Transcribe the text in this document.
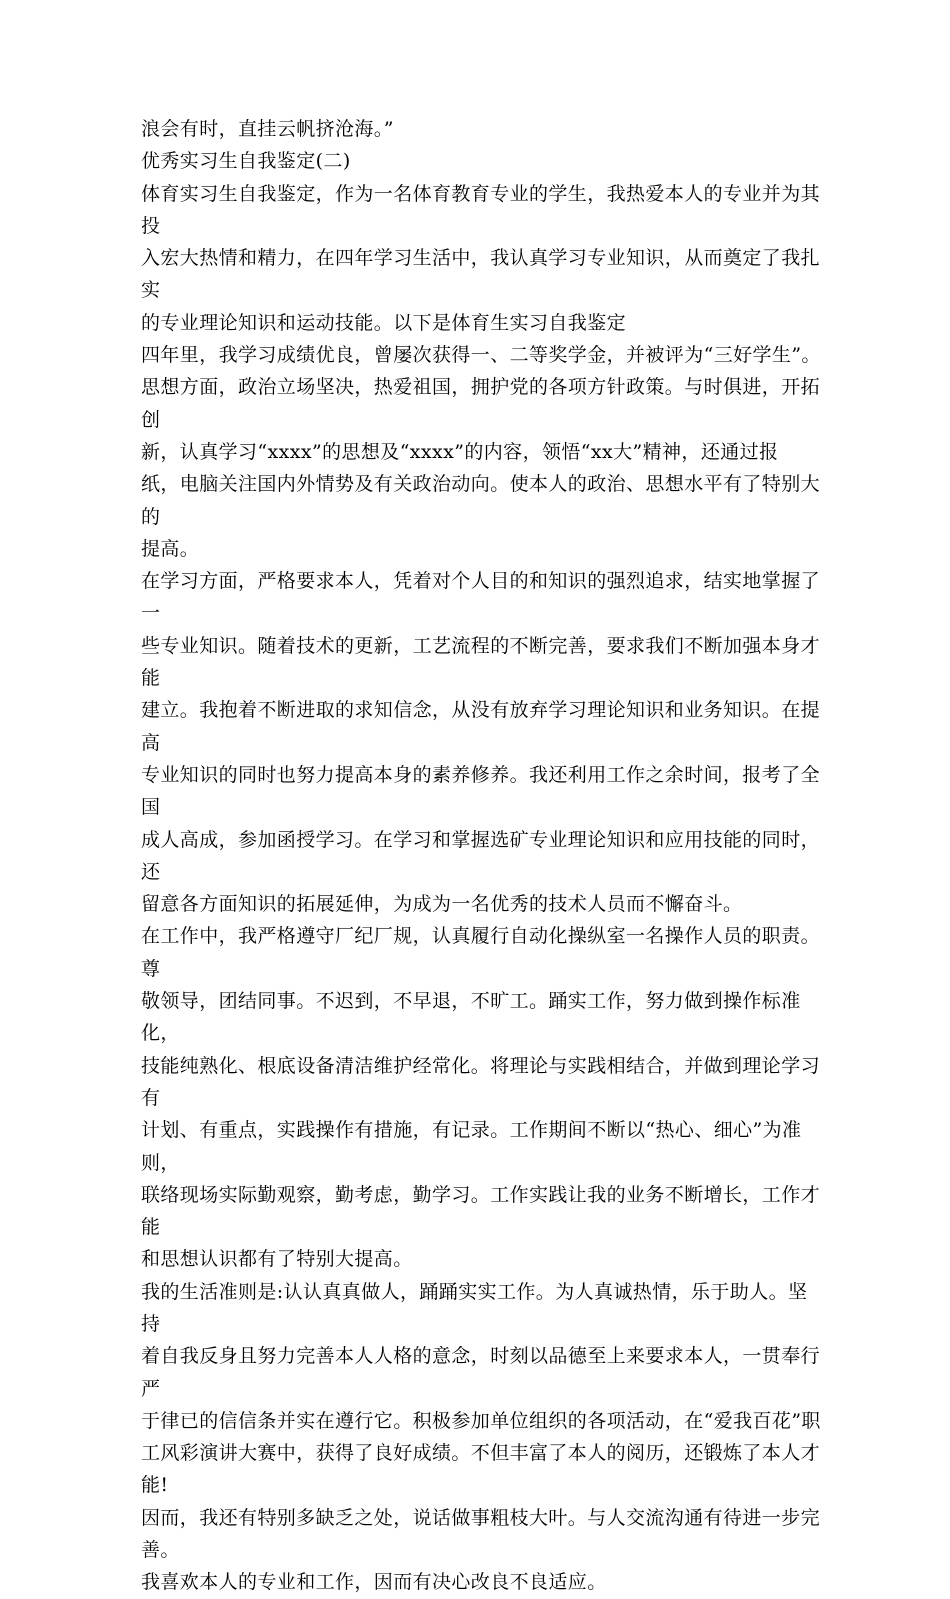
浪会有时，直挂云帆挤沧海。”

优秀实习生自我鉴定(二)

体育实习生自我鉴定，作为一名体育教育专业的学生，我热爱本人的专业并为其投
入宏大热情和精力，在四年学习生活中，我认真学习专业知识，从而奠定了我扎实
的专业理论知识和运动技能。以下是体育生实习自我鉴定

四年里，我学习成绩优良，曾屡次获得一、二等奖学金，并被评为“三好学生”。

思想方面，政治立场坚决，热爱祖国，拥护党的各项方针政策。与时俱进，开拓创
新，认真学习“xxxx”的思想及“xxxx”的内容，领悟“xx大”精神，还通过报
纸，电脑关注国内外情势及有关政治动向。使本人的政治、思想水平有了特别大的
提高。

在学习方面，严格要求本人，凭着对个人目的和知识的强烈追求，结实地掌握了一
些专业知识。随着技术的更新，工艺流程的不断完善，要求我们不断加强本身才能
建立。我抱着不断进取的求知信念，从没有放弃学习理论知识和业务知识。在提高
专业知识的同时也努力提高本身的素养修养。我还利用工作之余时间，报考了全国
成人高成，参加函授学习。在学习和掌握选矿专业理论知识和应用技能的同时，还
留意各方面知识的拓展延伸，为成为一名优秀的技术人员而不懈奋斗。

在工作中，我严格遵守厂纪厂规，认真履行自动化操纵室一名操作人员的职责。尊
敬领导，团结同事。不迟到，不早退，不旷工。踊实工作，努力做到操作标准化，
技能纯熟化、根底设备清洁维护经常化。将理论与实践相结合，并做到理论学习有
计划、有重点，实践操作有措施，有记录。工作期间不断以“热心、细心”为准则，
联络现场实际勤观察，勤考虑，勤学习。工作实践让我的业务不断增长，工作才能
和思想认识都有了特别大提高。

我的生活准则是:认认真真做人，踊踊实实工作。为人真诚热情，乐于助人。坚持
着自我反身且努力完善本人人格的意念，时刻以品德至上来要求本人，一贯奉行严
于律已的信信条并实在遵行它。积极参加单位组织的各项活动，在“爱我百花”职
工风彩演讲大赛中，获得了良好成绩。不但丰富了本人的阅历，还锻炼了本人才能!
因而，我还有特别多缺乏之处，说话做事粗枝大叶。与人交流沟通有待进一步完善。
我喜欢本人的专业和工作，因而有决心改良不良适应。
